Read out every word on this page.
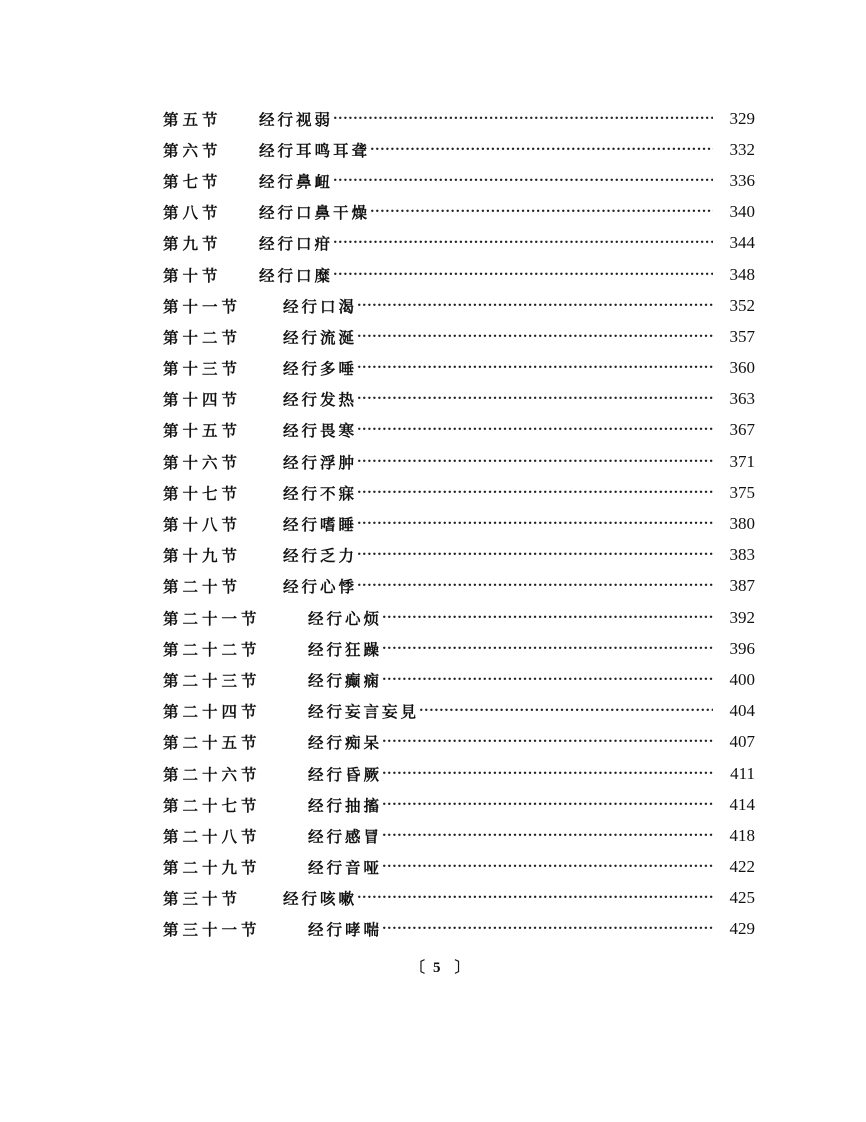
第五节	经行视弱 ·····	329
第六节	经行耳鸣耳聋 ·····	332
第七节	经行鼻衄 ·····	336
第八节	经行口鼻干燥 ·····	340
第九节	经行口疳 ·····	344
第十节	经行口糜 ·····	348
第十一节	经行口渴 ·····	352
第十二节	经行流涎 ·····	357
第十三节	经行多唾 ·····	360
第十四节	经行发热 ·····	363
第十五节	经行畏寒 ·····	367
第十六节	经行浮肿 ·····	371
第十七节	经行不寐 ·····	375
第十八节	经行嗜睡 ·····	380
第十九节	经行乏力 ·····	383
第二十节	经行心悸 ·····	387
第二十一节	经行心烦 ·····	392
第二十二节	经行狂躁 ·····	396
第二十三节	经行癫痫 ·····	400
第二十四节	经行妄言妄見 ·····	404
第二十五节	经行痴呆 ·····	407
第二十六节	经行昏厥 ·····	411
第二十七节	经行抽搐 ·····	414
第二十八节	经行感冒 ·····	418
第二十九节	经行音哑 ·····	422
第三十节	经行咳嗽 ·····	425
第三十一节	经行哮喘 ·····	429
〔 5 〕
